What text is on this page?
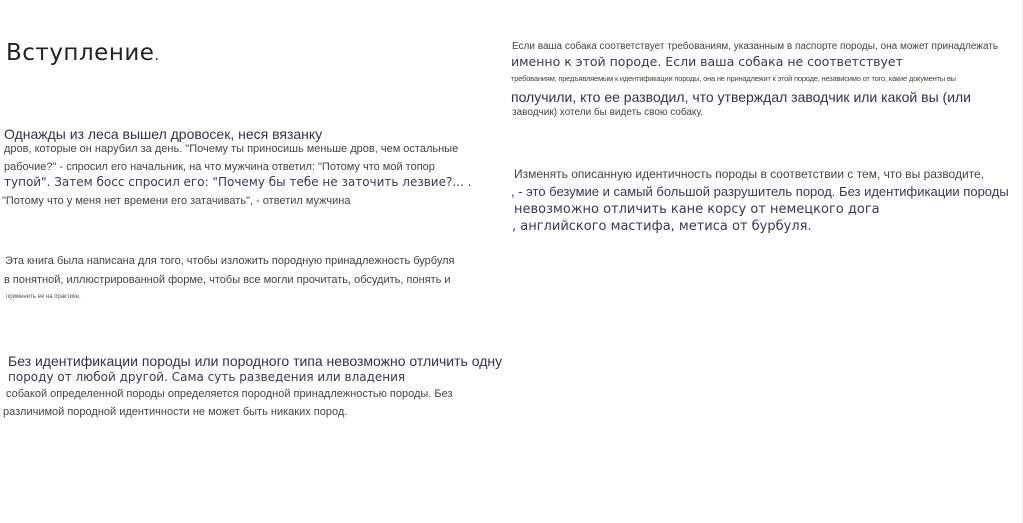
Вступление.
Однажды из леса вышел дровосек, неся вязанку
дров, которые он нарубил за день. "Почему ты приносишь меньше дров, чем остальные
рабочие?" - спросил его начальник, на что мужчина ответил: "Потому что мой топор
тупой". Затем босс спросил его: "Почему бы тебе не заточить лезвие?... .
"Потому что у меня нет времени его затачивать", - ответил мужчина
Эта книга была написана для того, чтобы изложить породную принадлежность бурбуля
в понятной, иллюстрированной форме, чтобы все могли прочитать, обсудить, понять и
применить ее на практике.
Без идентификации породы или породного типа невозможно отличить одну
породу от любой другой. Сама суть разведения или владения
собакой определенной породы определяется породной принадлежностью породы. Без
различимой породной идентичности не может быть никаких пород.
Если ваша собака соответствует требованиям, указанным в паспорте породы, она может принадлежать
именно к этой породе. Если ваша собака не соответствует
требованиям, предъявляемым к идентификации породы, она не принадлежит к этой породе, независимо от того, какие документы вы
получили, кто ее разводил, что утверждал заводчик или какой вы (или
заводчик) хотели бы видеть свою собаку.
Изменять описанную идентичность породы в соответствии с тем, что вы разводите,
, - это безумие и самый большой разрушитель пород. Без идентификации породы
невозможно отличить кане корсу от немецкого дога
, английского мастифа, метиса от бурбуля.
